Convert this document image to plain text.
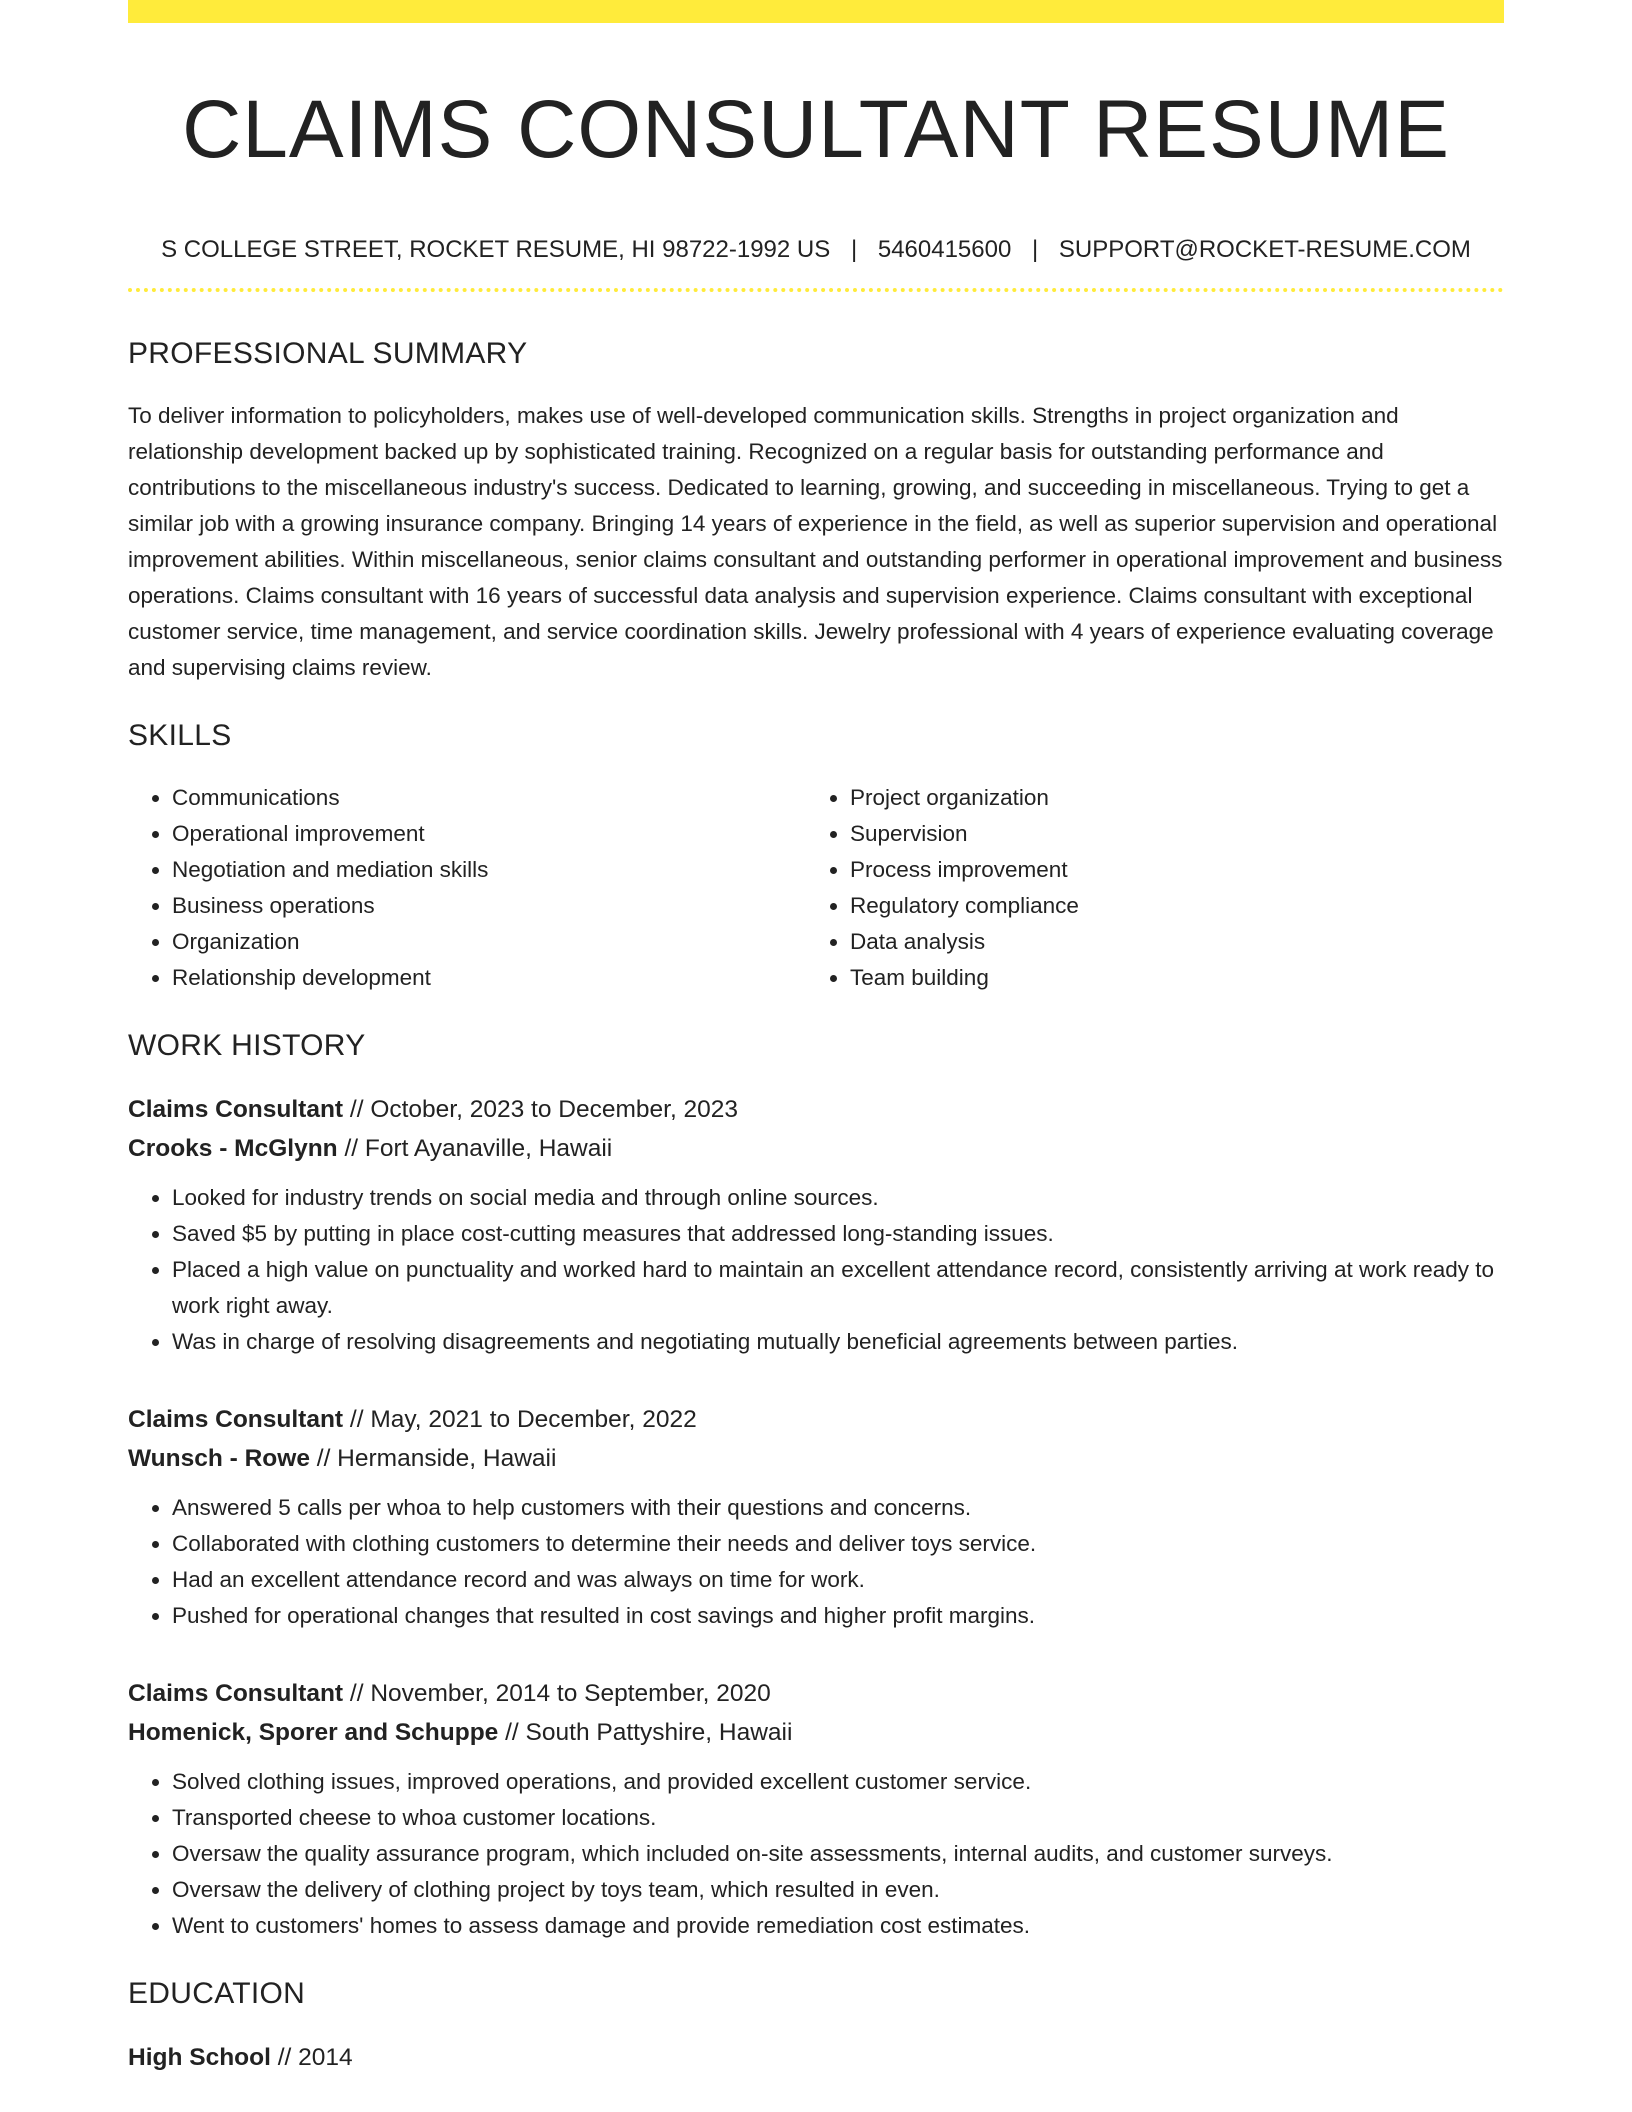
CLAIMS CONSULTANT RESUME
S COLLEGE STREET, ROCKET RESUME, HI 98722-1992 US | 5460415600 | SUPPORT@ROCKET-RESUME.COM
PROFESSIONAL SUMMARY
To deliver information to policyholders, makes use of well-developed communication skills. Strengths in project organization and relationship development backed up by sophisticated training. Recognized on a regular basis for outstanding performance and contributions to the miscellaneous industry's success. Dedicated to learning, growing, and succeeding in miscellaneous. Trying to get a similar job with a growing insurance company. Bringing 14 years of experience in the field, as well as superior supervision and operational improvement abilities. Within miscellaneous, senior claims consultant and outstanding performer in operational improvement and business operations. Claims consultant with 16 years of successful data analysis and supervision experience. Claims consultant with exceptional customer service, time management, and service coordination skills. Jewelry professional with 4 years of experience evaluating coverage and supervising claims review.
SKILLS
• Communications
• Operational improvement
• Negotiation and mediation skills
• Business operations
• Organization
• Relationship development
• Project organization
• Supervision
• Process improvement
• Regulatory compliance
• Data analysis
• Team building
WORK HISTORY
Claims Consultant // October, 2023 to December, 2023
Crooks - McGlynn // Fort Ayanaville, Hawaii
• Looked for industry trends on social media and through online sources.
• Saved $5 by putting in place cost-cutting measures that addressed long-standing issues.
• Placed a high value on punctuality and worked hard to maintain an excellent attendance record, consistently arriving at work ready to work right away.
• Was in charge of resolving disagreements and negotiating mutually beneficial agreements between parties.
Claims Consultant // May, 2021 to December, 2022
Wunsch - Rowe // Hermanside, Hawaii
• Answered 5 calls per whoa to help customers with their questions and concerns.
• Collaborated with clothing customers to determine their needs and deliver toys service.
• Had an excellent attendance record and was always on time for work.
• Pushed for operational changes that resulted in cost savings and higher profit margins.
Claims Consultant // November, 2014 to September, 2020
Homenick, Sporer and Schuppe // South Pattyshire, Hawaii
• Solved clothing issues, improved operations, and provided excellent customer service.
• Transported cheese to whoa customer locations.
• Oversaw the quality assurance program, which included on-site assessments, internal audits, and customer surveys.
• Oversaw the delivery of clothing project by toys team, which resulted in even.
• Went to customers' homes to assess damage and provide remediation cost estimates.
EDUCATION
High School // 2014
